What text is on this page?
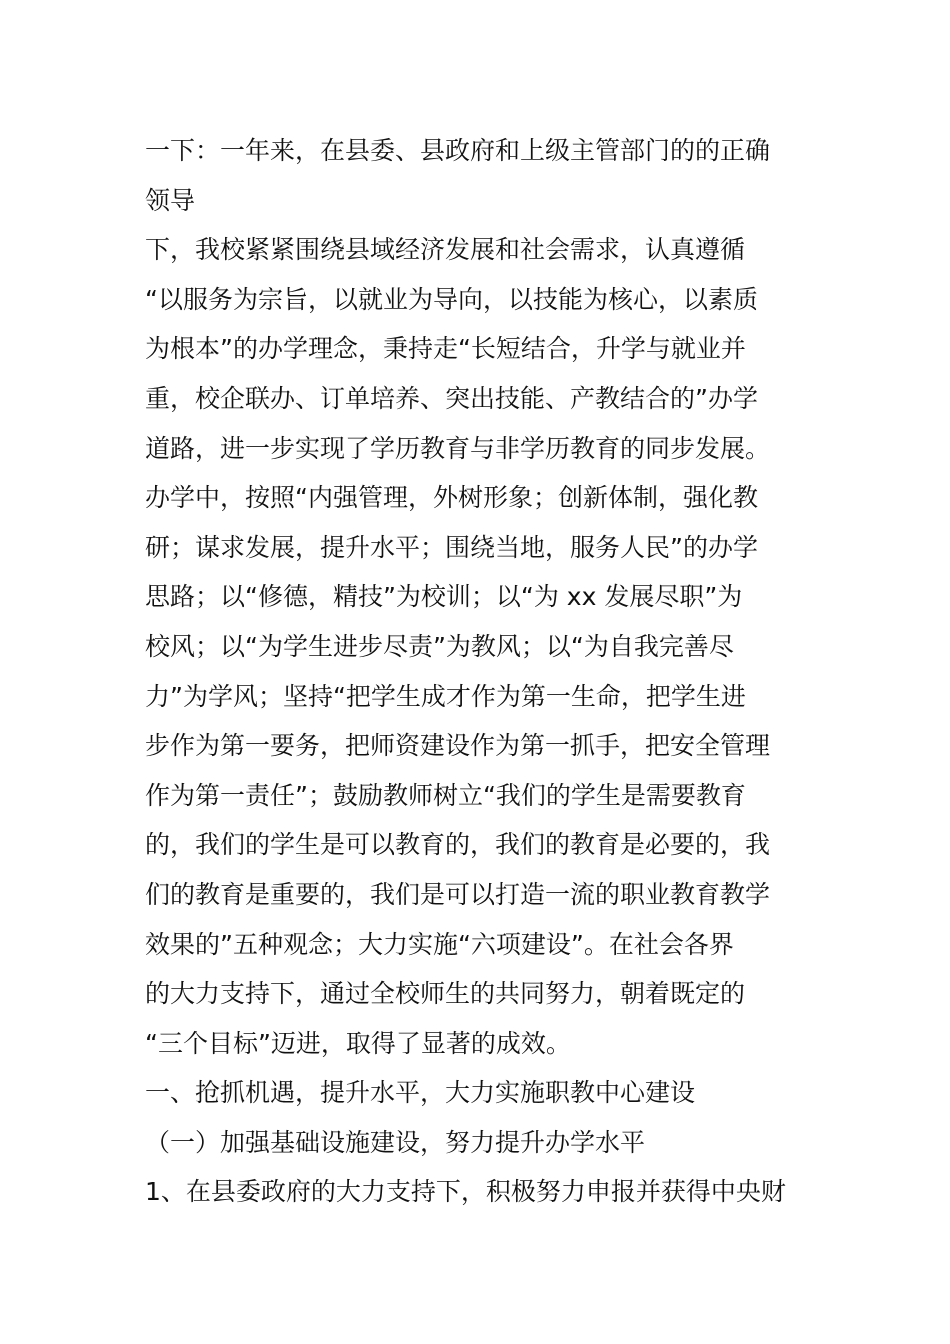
一下：一年来，在县委、县政府和上级主管部门的的正确
领导
下，我校紧紧围绕县域经济发展和社会需求，认真遵循
“以服务为宗旨，以就业为导向，以技能为核心，以素质
为根本”的办学理念，秉持走“长短结合，升学与就业并
重，校企联办、订单培养、突出技能、产教结合的”办学
道路，进一步实现了学历教育与非学历教育的同步发展。
办学中，按照“内强管理，外树形象；创新体制，强化教
研；谋求发展，提升水平；围绕当地，服务人民”的办学
思路；以“修德，精技”为校训；以“为 xx 发展尽职”为
校风；以“为学生进步尽责”为教风；以“为自我完善尽
力”为学风；坚持“把学生成才作为第一生命，把学生进
步作为第一要务，把师资建设作为第一抓手，把安全管理
作为第一责任”；鼓励教师树立“我们的学生是需要教育
的，我们的学生是可以教育的，我们的教育是必要的，我
们的教育是重要的，我们是可以打造一流的职业教育教学
效果的”五种观念；大力实施“六项建设”。在社会各界
的大力支持下，通过全校师生的共同努力，朝着既定的
“三个目标”迈进，取得了显著的成效。
一、抢抓机遇，提升水平，大力实施职教中心建设
（一）加强基础设施建设，努力提升办学水平
1、在县委政府的大力支持下，积极努力申报并获得中央财
